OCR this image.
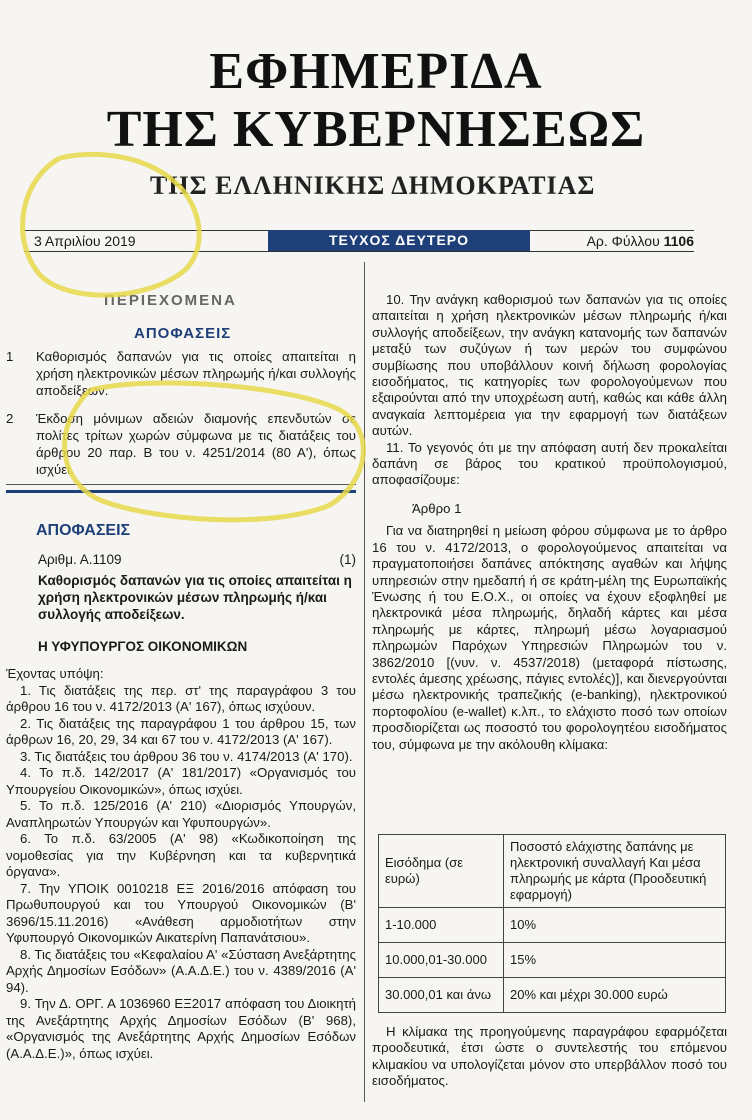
ΕΦΗΜΕΡΙΔΑ
ΤΗΣ ΚΥΒΕΡΝΗΣΕΩΣ
ΤΗΣ ΕΛΛΗΝΙΚΗΣ ΔΗΜΟΚΡΑΤΙΑΣ
3 Απριλίου 2019	ΤΕΥΧΟΣ ΔΕΥΤΕΡΟ	Αρ. Φύλλου 1106
ΠΕΡΙΕΧΟΜΕΝΑ
ΑΠΟΦΑΣΕΙΣ
1 Καθορισμός δαπανών για τις οποίες απαιτείται η χρήση ηλεκτρονικών μέσων πληρωμής ή/και συλλογής αποδείξεων.
2 Έκδοση μόνιμων αδειών διαμονής επενδυτών σε πολίτες τρίτων χωρών σύμφωνα με τις διατάξεις του άρθρου 20 παρ. Β του ν. 4251/2014 (80 Α'), όπως ισχύει.
ΑΠΟΦΑΣΕΙΣ
Αριθμ. Α.1109	(1)
Καθορισμός δαπανών για τις οποίες απαιτείται η χρήση ηλεκτρονικών μέσων πληρωμής ή/και συλλογής αποδείξεων.
Η ΥΦΥΠΟΥΡΓΟΣ ΟΙΚΟΝΟΜΙΚΩΝ

Έχοντας υπόψη:

1. Τις διατάξεις της περ. στ' της παραγράφου 3 του άρθρου 16 του ν. 4172/2013 (Α' 167), όπως ισχύουν.

2. Τις διατάξεις της παραγράφου 1 του άρθρου 15, των άρθρων 16, 20, 29, 34 και 67 του ν. 4172/2013 (Α' 167).

3. Τις διατάξεις του άρθρου 36 του ν. 4174/2013 (Α' 170).

4. Το π.δ. 142/2017 (Α' 181/2017) «Οργανισμός του Υπουργείου Οικονομικών», όπως ισχύει.

5. Το π.δ. 125/2016 (Α' 210) «Διορισμός Υπουργών, Αναπληρωτών Υπουργών και Υφυπουργών».

6. Το π.δ. 63/2005 (Α' 98) «Κωδικοποίηση της νομοθεσίας για την Κυβέρνηση και τα κυβερνητικά όργανα».

7. Την ΥΠΟΙΚ 0010218 ΕΞ 2016/2016 απόφαση του Πρωθυπουργού και του Υπουργού Οικονομικών (Β' 3696/15.11.2016) «Ανάθεση αρμοδιοτήτων στην Υφυπουργό Οικονομικών Αικατερίνη Παπανάτσιου».

8. Τις διατάξεις του «Κεφαλαίου Α' «Σύσταση Ανεξάρτητης Αρχής Δημοσίων Εσόδων» (Α.Α.Δ.Ε.) του ν. 4389/2016 (Α' 94).

9. Την Δ. ΟΡΓ. Α 1036960 ΕΞ2017 απόφαση του Διοικητή της Ανεξάρτητης Αρχής Δημοσίων Εσόδων (Β' 968), «Οργανισμός της Ανεξάρτητης Αρχής Δημοσίων Εσόδων (Α.Α.Δ.Ε.)», όπως ισχύει.

10. Την ανάγκη καθορισμού των δαπανών για τις οποίες απαιτείται η χρήση ηλεκτρονικών μέσων πληρωμής ή/και συλλογής αποδείξεων, την ανάγκη κατανομής των δαπανών μεταξύ των συζύγων ή των μερών του συμφώνου συμβίωσης που υποβάλλουν κοινή δήλωση φορολογίας εισοδήματος, τις κατηγορίες των φορολογούμενων που εξαιρούνται από την υποχρέωση αυτή, καθώς και κάθε άλλη αναγκαία λεπτομέρεια για την εφαρμογή των διατάξεων αυτών.

11. Το γεγονός ότι με την απόφαση αυτή δεν προκαλείται δαπάνη σε βάρος του κρατικού προϋπολογισμού, αποφασίζουμε:

Άρθρο 1

Για να διατηρηθεί η μείωση φόρου σύμφωνα με το άρθρο 16 του ν. 4172/2013, ο φορολογούμενος απαιτείται να πραγματοποιήσει δαπάνες απόκτησης αγαθών και λήψης υπηρεσιών στην ημεδαπή ή σε κράτη-μέλη της Ευρωπαϊκής Ένωσης ή του Ε.Ο.Χ., οι οποίες να έχουν εξοφληθεί με ηλεκτρονικά μέσα πληρωμής, δηλαδή κάρτες και μέσα πληρωμής με κάρτες, πληρωμή μέσω λογαριασμού πληρωμών Παρόχων Υπηρεσιών Πληρωμών του ν. 3862/2010 [(νυν. ν. 4537/2018) (μεταφορά πίστωσης, εντολές άμεσης χρέωσης, πάγιες εντολές)], και διενεργούνται μέσω ηλεκτρονικής τραπεζικής (e-banking), ηλεκτρονικού πορτοφολίου (e-wallet) κ.λπ., το ελάχιστο ποσό των οποίων προσδιορίζεται ως ποσοστό του φορολογητέου εισοδήματος του, σύμφωνα με την ακόλουθη κλίμακα:

Εισόδημα (σε ευρώ)	Ποσοστό ελάχιστης δαπάνης με ηλεκτρονική συναλλαγή Και μέσα πληρωμής με κάρτα (Προοδευτική εφαρμογή)
1-10.000	10%
10.000,01-30.000	15%
30.000,01 και άνω	20% και μέχρι 30.000 ευρώ

Η κλίμακα της προηγούμενης παραγράφου εφαρμόζεται προοδευτικά, έτσι ώστε ο συντελεστής του επόμενου κλιμακίου να υπολογίζεται μόνον στο υπερβάλλον ποσό του εισοδήματος.
